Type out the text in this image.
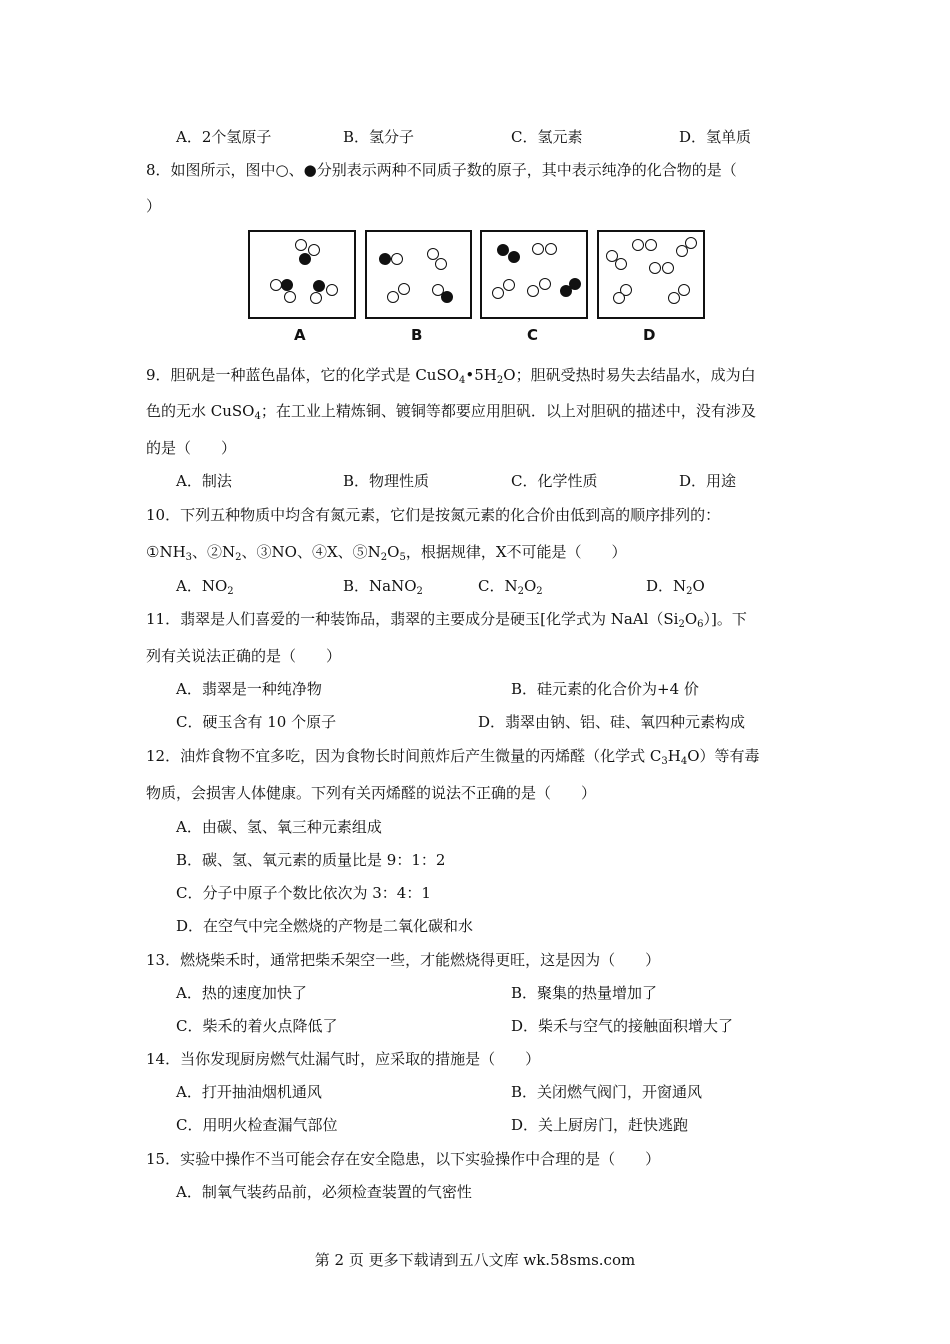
A．2个氢原子	B．氢分子	C．氢元素	D．氢单质
8．如图所示，图中○、●分别表示两种不同质子数的原子，其中表示纯净的化合物的是（
）
A	B	C	D
9．胆矾是一种蓝色晶体，它的化学式是 $CuSO_4•5H_2O$；胆矾受热时易失去结晶水，成为白
色的无水 CuSO$_4$；在工业上精炼铜、镀铜等都要应用胆矾．以上对胆矾的描述中，没有涉及
的是（　　）
A．制法	B．物理性质	C．化学性质	D．用途
10．下列五种物质中均含有氮元素，它们是按氮元素的化合价由低到高的顺序排列的：
$①NH_3$、$②N_2$、③NO、④X、$⑤N_2O_5$，根据规律，X不可能是（　　）
A．$NO_2$	B．NaNO$_2$	C．$N_2O_2$	D．$N_2O$
11．翡翠是人们喜爱的一种装饰品，翡翠的主要成分是硬玉[化学式为 $NaAl(Si_2O_6)$]。下
列有关说法正确的是（　　）
A．翡翠是一种纯净物	B．硅元素的化合价为+4 价
C．硬玉含有 10 个原子	D．翡翠由钠、铝、硅、氧四种元素构成
12．油炸食物不宜多吃，因为食物长时间煎炸后产生微量的丙烯醛（化学式 $C_3H_4O$）等有毒
物质，会损害人体健康。下列有关丙烯醛的说法不正确的是（　　）
A．由碳、氢、氧三种元素组成
B．碳、氢、氧元素的质量比是 9：1：2
C．分子中原子个数比依次为 3：4：1
D．在空气中完全燃烧的产物是二氧化碳和水
13．燃烧柴禾时，通常把柴禾架空一些，才能燃烧得更旺，这是因为（　　）
A．热的速度加快了	B．聚集的热量增加了
C．柴禾的着火点降低了	D．柴禾与空气的接触面积增大了
14．当你发现厨房燃气灶漏气时，应采取的措施是（　　）
A．打开抽油烟机通风	B．关闭燃气阀门，开窗通风
C．用明火检查漏气部位	D．关上厨房门，赶快逃跑
15．实验中操作不当可能会存在安全隐患，以下实验操作中合理的是（　　）
A．制氧气装药品前，必须检查装置的气密性
第 2 页 更多下载请到五八文库 wk.58sms.com
